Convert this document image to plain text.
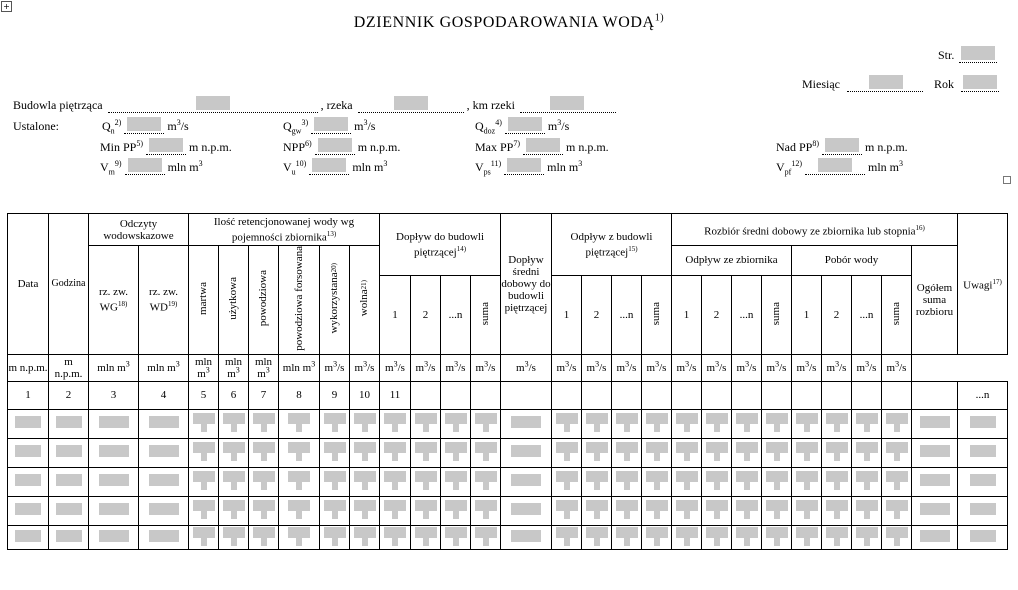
+
DZIENNIK GOSPODAROWANIA WODĄ$^{1)}$
Str.
Miesiąc	Rok
Budowla piętrząca	, rzeka	, km rzeki
Ustalone:	$Q_n^{2)}$	$m^3/s$	$Q_{gw}^{3)}$	$m^3/s$	$Q_{doz}^{4)}$	$m^3/s$
Min PP$^{5)}$	m n.p.m.	NPP$^{6)}$	m n.p.m.	Max PP$^{7)}$	m n.p.m.	Nad PP$^{8)}$	m n.p.m.
$V_m^{9)}$	mln $m^3$	$V_u^{10)}$	mln $m^3$	$V_{ps}^{11)}$	mln $m^3$	$V_{pf}^{12)}$	mln $m^3$
Data	Godzina	Odczyty wodowskazowe		Ilość retencjonowanej wody wg pojemności zbiornika$^{13)}$						Dopływ do budowli piętrzącej$^{14)}$				Dopływ średni dobowy do budowli piętrzącej	Odpływ z budowli piętrzącej$^{15)}$				Rozbiór średni dobowy ze zbiornika lub stopnia$^{16)}$									Uwagi$^{17)}$
		rz. zw. WG$^{18)}$	rz. zw. WD$^{19)}$	martwa	użytkowa	powodziowa	powodziowa forsowana	wykorzystana20)	wolna21)										Odpływ ze zbiornika				Pobór wody				Ogółem suma rozbioru	
										1	2	...n	suma		1	2	...n	suma	1	2	...n	suma	1	2	...n	suma		
m n.p.m.	m n.p.m.	mln $m^3$	mln $m^3$	mln $m^3$	mln $m^3$	mln $m^3$	mln $m^3$	$m^3/s$	$m^3/s$	$m^3/s$	$m^3/s$	$m^3/s$	$m^3/s$	$m^3/s$	$m^3/s$	$m^3/s$	$m^3/s$	$m^3/s$	$m^3/s$	$m^3/s$	$m^3/s$	$m^3/s$	$m^3/s$	$m^3/s$	$m^3/s$	$m^3/s$		
1	2	3	4	5	6	7	8	9	10	11																		...n
